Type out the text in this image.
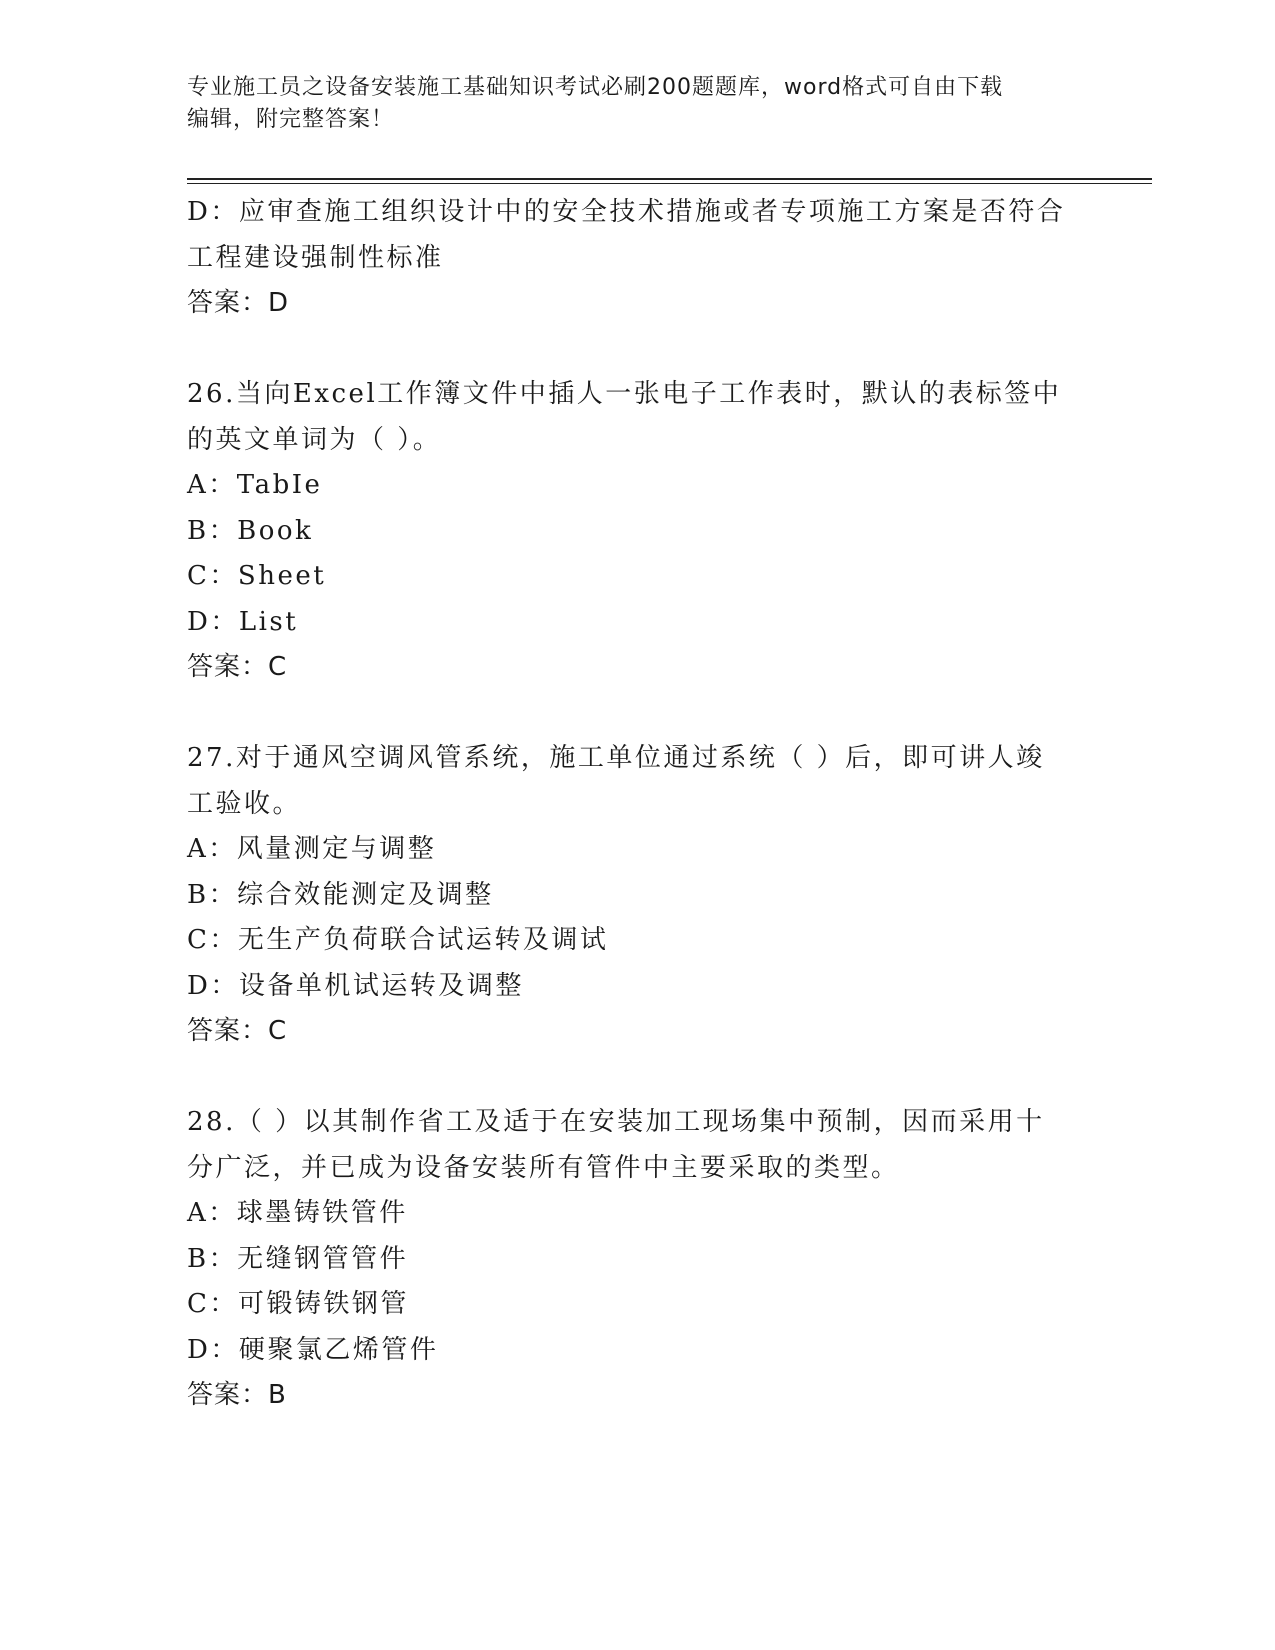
专业施工员之设备安装施工基础知识考试必刷200题题库，word格式可自由下载
编辑，附完整答案！
D：应审查施工组织设计中的安全技术措施或者专项施工方案是否符合
工程建设强制性标准
答案：D
26.当向Excel工作簿文件中插人一张电子工作表时，默认的表标签中
的英文单词为（ ）。
A：TabIe
B：Book
C：Sheet
D：List
答案：C
27.对于通风空调风管系统，施工单位通过系统（ ）后，即可讲人竣
工验收。
A：风量测定与调整
B：综合效能测定及调整
C：无生产负荷联合试运转及调试
D：设备单机试运转及调整
答案：C
28.（ ）以其制作省工及适于在安装加工现场集中预制，因而采用十
分广泛，并已成为设备安装所有管件中主要采取的类型。
A：球墨铸铁管件
B：无缝钢管管件
C：可锻铸铁钢管
D：硬聚氯乙烯管件
答案：B
